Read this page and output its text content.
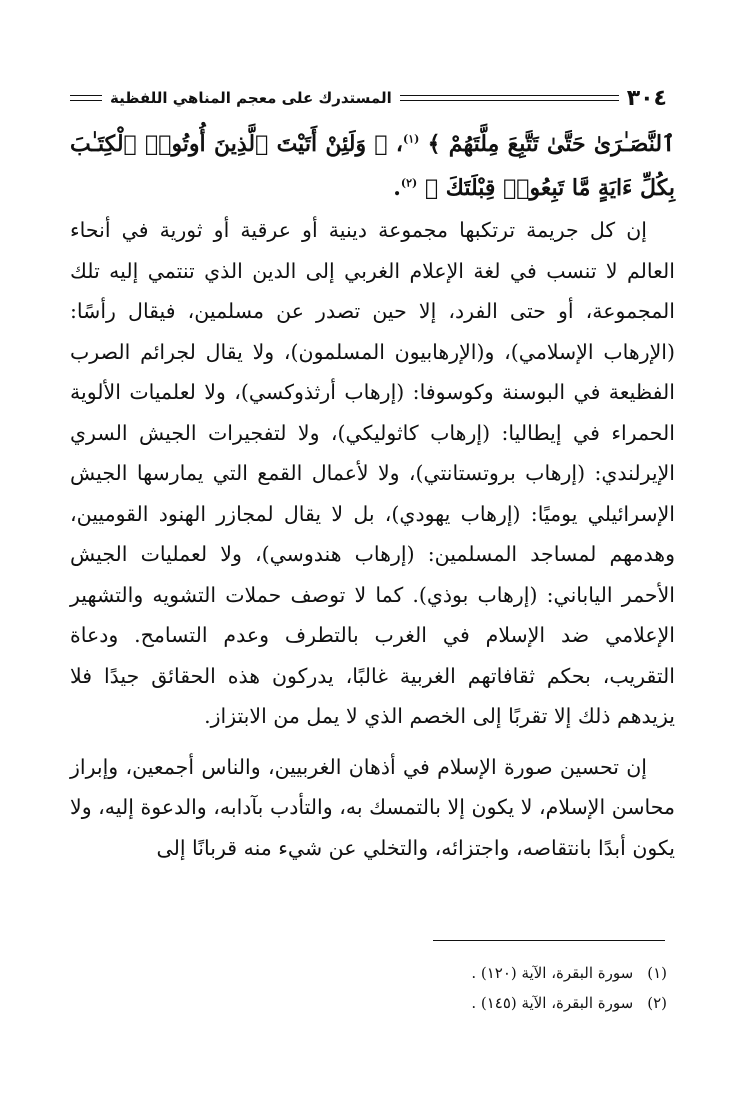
٣٠٤
المستدرك على معجم المناهي اللفظية

ٱلنَّصَـٰرَىٰ حَتَّىٰ تَتَّبِعَ مِلَّتَهُمْ ﴾ $^{(١)}$، ﴿ وَلَئِنْ أَتَيْتَ ٱلَّذِينَ أُوتُوا۟ ٱلْكِتَـٰبَ بِكُلِّ ءَايَةٍ مَّا تَبِعُوا۟ قِبْلَتَكَ ﴾ $^{(٢)}$.

إن كل جريمة ترتكبها مجموعة دينية أو عرقية أو ثورية في أنحاء العالم لا تنسب في لغة الإعلام الغربي إلى الدين الذي تنتمي إليه تلك المجموعة، أو حتى الفرد، إلا حين تصدر عن مسلمين، فيقال رأسًا: (الإرهاب الإسلامي)، و(الإرهابيون المسلمون)، ولا يقال لجرائم الصرب الفظيعة في البوسنة وكوسوفا: (إرهاب أرثذوكسي)، ولا لعلميات الألوية الحمراء في إيطاليا: (إرهاب كاثوليكي)، ولا لتفجيرات الجيش السري الإيرلندي: (إرهاب بروتستانتي)، ولا لأعمال القمع التي يمارسها الجيش الإسرائيلي يوميًا: (إرهاب يهودي)، بل لا يقال لمجازر الهنود القوميين، وهدمهم لمساجد المسلمين: (إرهاب هندوسي)، ولا لعمليات الجيش الأحمر الياباني: (إرهاب بوذي). كما لا توصف حملات التشويه والتشهير الإعلامي ضد الإسلام في الغرب بالتطرف وعدم التسامح. ودعاة التقريب، بحكم ثقافاتهم الغربية غالبًا، يدركون هذه الحقائق جيدًا فلا يزيدهم ذلك إلا تقربًا إلى الخصم الذي لا يمل من الابتزاز.

إن تحسين صورة الإسلام في أذهان الغربيين، والناس أجمعين، وإبراز محاسن الإسلام، لا يكون إلا بالتمسك به، والتأدب بآدابه، والدعوة إليه، ولا يكون أبدًا بانتقاصه، واجتزائه، والتخلي عن شيء منه قربانًا إلى

(١)
سورة البقرة، الآية (١٢٠) .
(٢)
سورة البقرة، الآية (١٤٥) .
